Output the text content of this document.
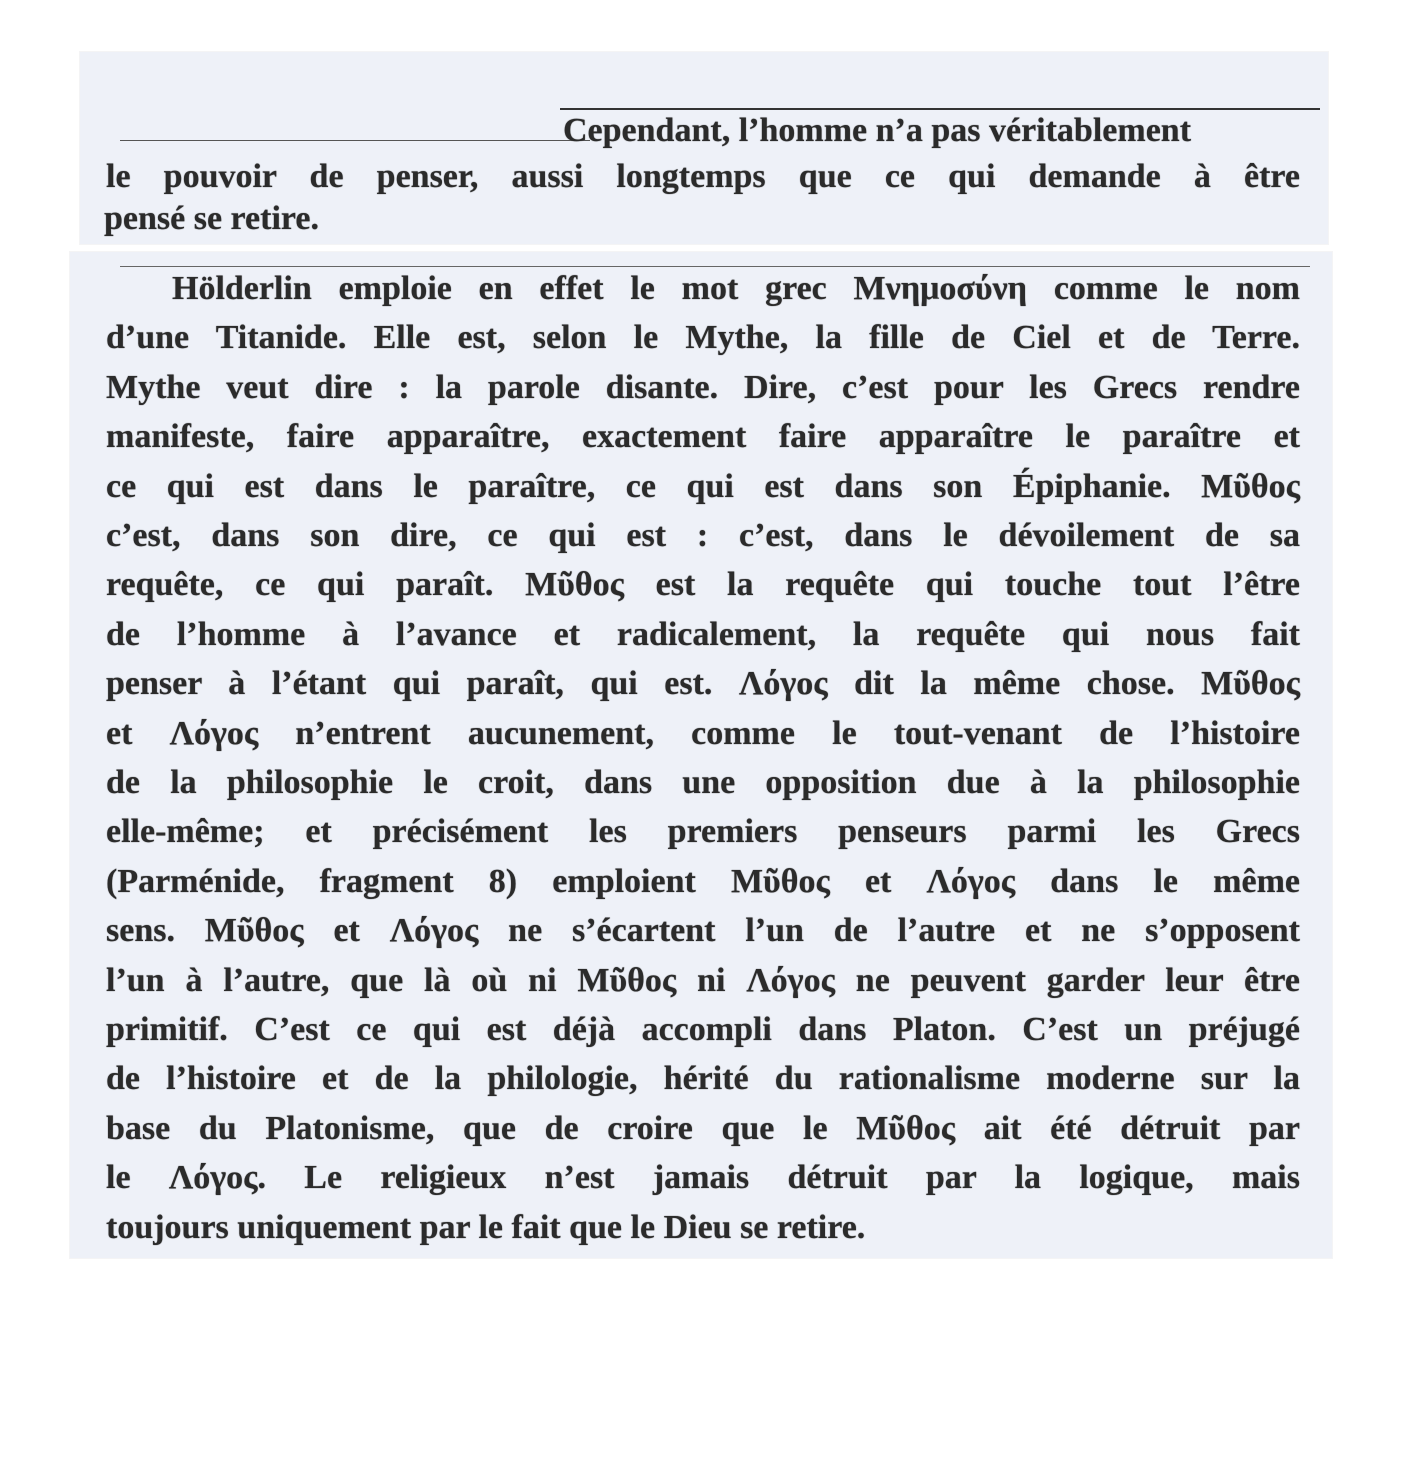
Cependant, l’homme n’a pas véritablement
le pouvoir de penser, aussi longtemps que ce qui demande à être
pensé se retire.
Hölderlin emploie en effet le mot grec Μνημοσύνη comme le nom
d’une Titanide. Elle est, selon le Mythe, la fille de Ciel et de Terre.
Mythe veut dire : la parole disante. Dire, c’est pour les Grecs rendre
manifeste, faire apparaître, exactement faire apparaître le paraître et
ce qui est dans le paraître, ce qui est dans son Épiphanie. Μῦθος
c’est, dans son dire, ce qui est : c’est, dans le dévoilement de sa
requête, ce qui paraît. Μῦθος est la requête qui touche tout l’être
de l’homme à l’avance et radicalement, la requête qui nous fait
penser à l’étant qui paraît, qui est. Λόγος dit la même chose. Μῦθος
et Λόγος n’entrent aucunement, comme le tout-venant de l’histoire
de la philosophie le croit, dans une opposition due à la philosophie
elle-même; et précisément les premiers penseurs parmi les Grecs
(Parménide, fragment 8) emploient Μῦθος et Λόγος dans le même
sens. Μῦθος et Λόγος ne s’écartent l’un de l’autre et ne s’opposent
l’un à l’autre, que là où ni Μῦθος ni Λόγος ne peuvent garder leur être
primitif. C’est ce qui est déjà accompli dans Platon. C’est un préjugé
de l’histoire et de la philologie, hérité du rationalisme moderne sur la
base du Platonisme, que de croire que le Μῦθος ait été détruit par
le Λόγος. Le religieux n’est jamais détruit par la logique, mais
toujours uniquement par le fait que le Dieu se retire.
